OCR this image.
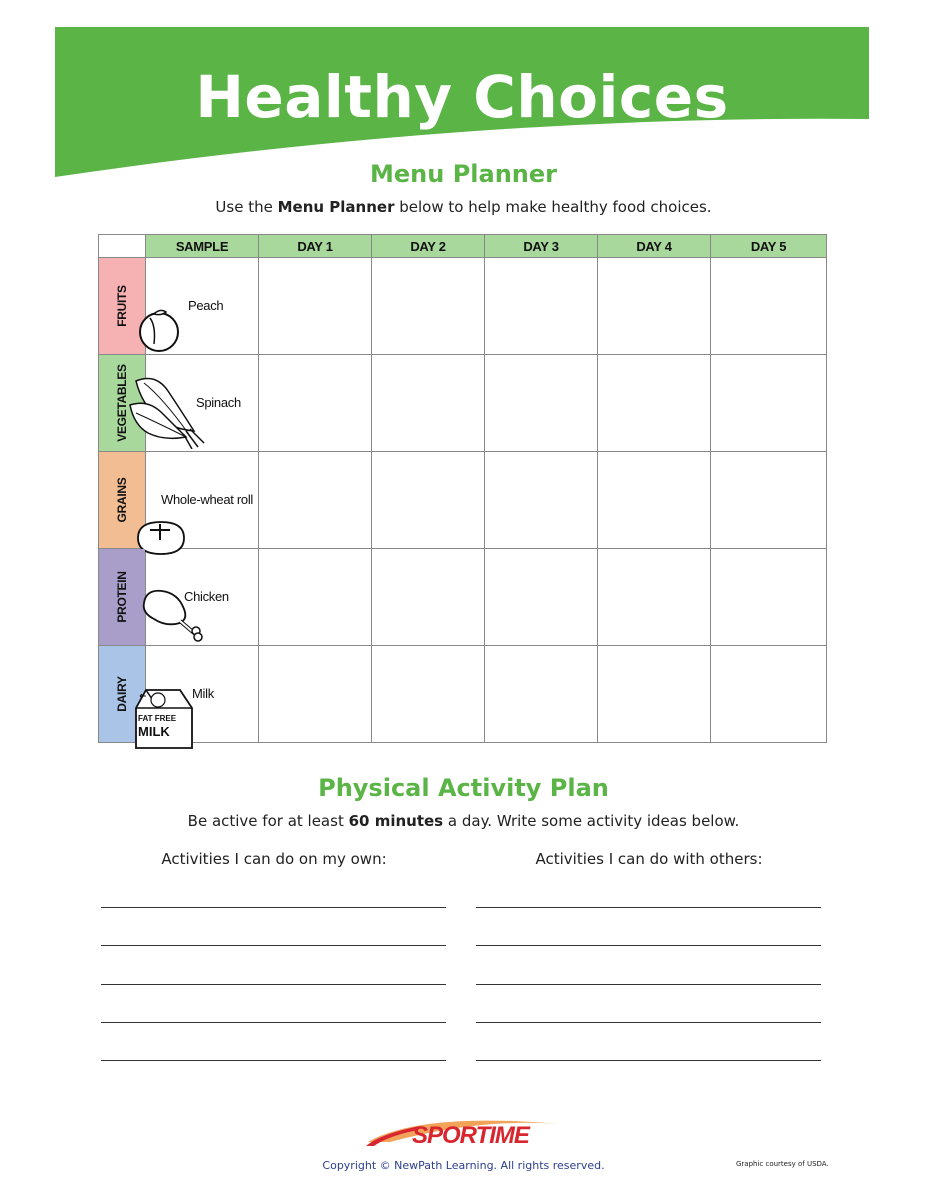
Healthy Choices
Menu Planner
Use the Menu Planner below to help make healthy food choices.
	SAMPLE	DAY 1	DAY 2	DAY 3	DAY 4	DAY 5

FRUITS	Peach					

VEGETABLES	Spinach					

GRAINS	Whole-wheat roll					

PROTEIN	Chicken					

DAIRY	Milk
FAT FREE
MILK					

Physical Activity Plan
Be active for at least 60 minutes a day. Write some activity ideas below.
Activities I can do on my own:	Activities I can do with others:
SPORTIME
Copyright © NewPath Learning. All rights reserved.	Graphic courtesy of USDA.
